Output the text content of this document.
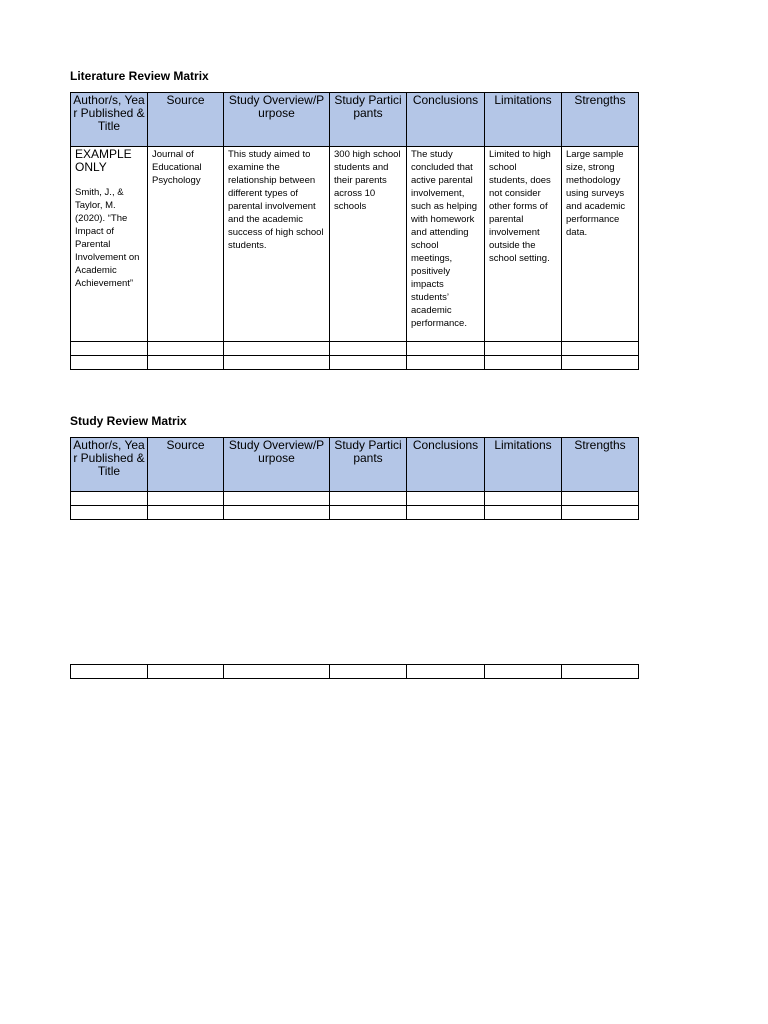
Literature Review Matrix
Author/s, Year Published & Title	Source	Study Overview/Purpose	Study Participants	Conclusions	Limitations	Strengths

EXAMPLE
ONLY
Smith, J., & Taylor, M. (2020). “The Impact of Parental Involvement on Academic Achievement”	Journal of Educational Psychology	This study aimed to examine the relationship between different types of parental involvement and the academic success of high school students.	300 high school students and their parents across 10 schools	The study concluded that active parental involvement, such as helping with homework and attending school meetings, positively impacts students’ academic performance.	Limited to high school students, does not consider other forms of parental involvement outside the school setting.	Large sample size, strong methodology using surveys and academic performance data.

Study Review Matrix
Author/s, Year Published & Title	Source	Study Overview/Purpose	Study Participants	Conclusions	Limitations	Strengths
